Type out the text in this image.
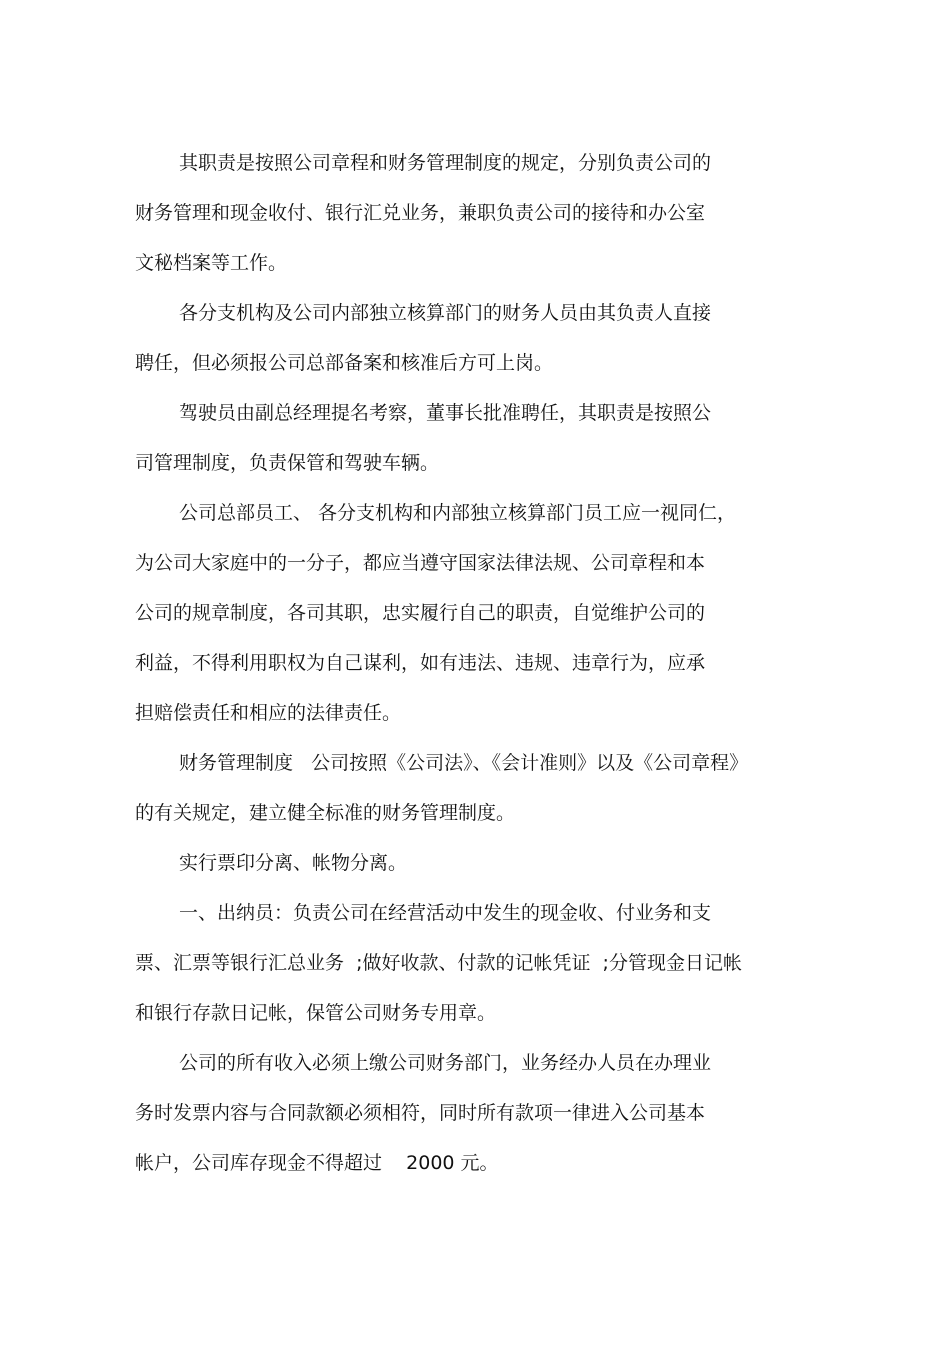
其职责是按照公司章程和财务管理制度的规定，分别负责公司的
财务管理和现金收付、银行汇兑业务，兼职负责公司的接待和办公室
文秘档案等工作。
各分支机构及公司内部独立核算部门的财务人员由其负责人直接
聘任，但必须报公司总部备案和核准后方可上岗。
驾驶员由副总经理提名考察，董事长批准聘任，其职责是按照公
司管理制度，负责保管和驾驶车辆。
公司总部员工、 各分支机构和内部独立核算部门员工应一视同仁，
为公司大家庭中的一分子，都应当遵守国家法律法规、公司章程和本
公司的规章制度，各司其职，忠实履行自己的职责，自觉维护公司的
利益，不得利用职权为自己谋利，如有违法、违规、违章行为，应承
担赔偿责任和相应的法律责任。
财务管理制度   公司按照《公司法》、《会计准则》以及《公司章程》
的有关规定，建立健全标准的财务管理制度。
实行票印分离、帐物分离。
一、出纳员：负责公司在经营活动中发生的现金收、付业务和支
票、汇票等银行汇总业务  ;做好收款、付款的记帐凭证  ;分管现金日记帐
和银行存款日记帐，保管公司财务专用章。
公司的所有收入必须上缴公司财务部门，业务经办人员在办理业
务时发票内容与合同款额必须相符，同时所有款项一律进入公司基本
帐户，公司库存现金不得超过    2000 元。
